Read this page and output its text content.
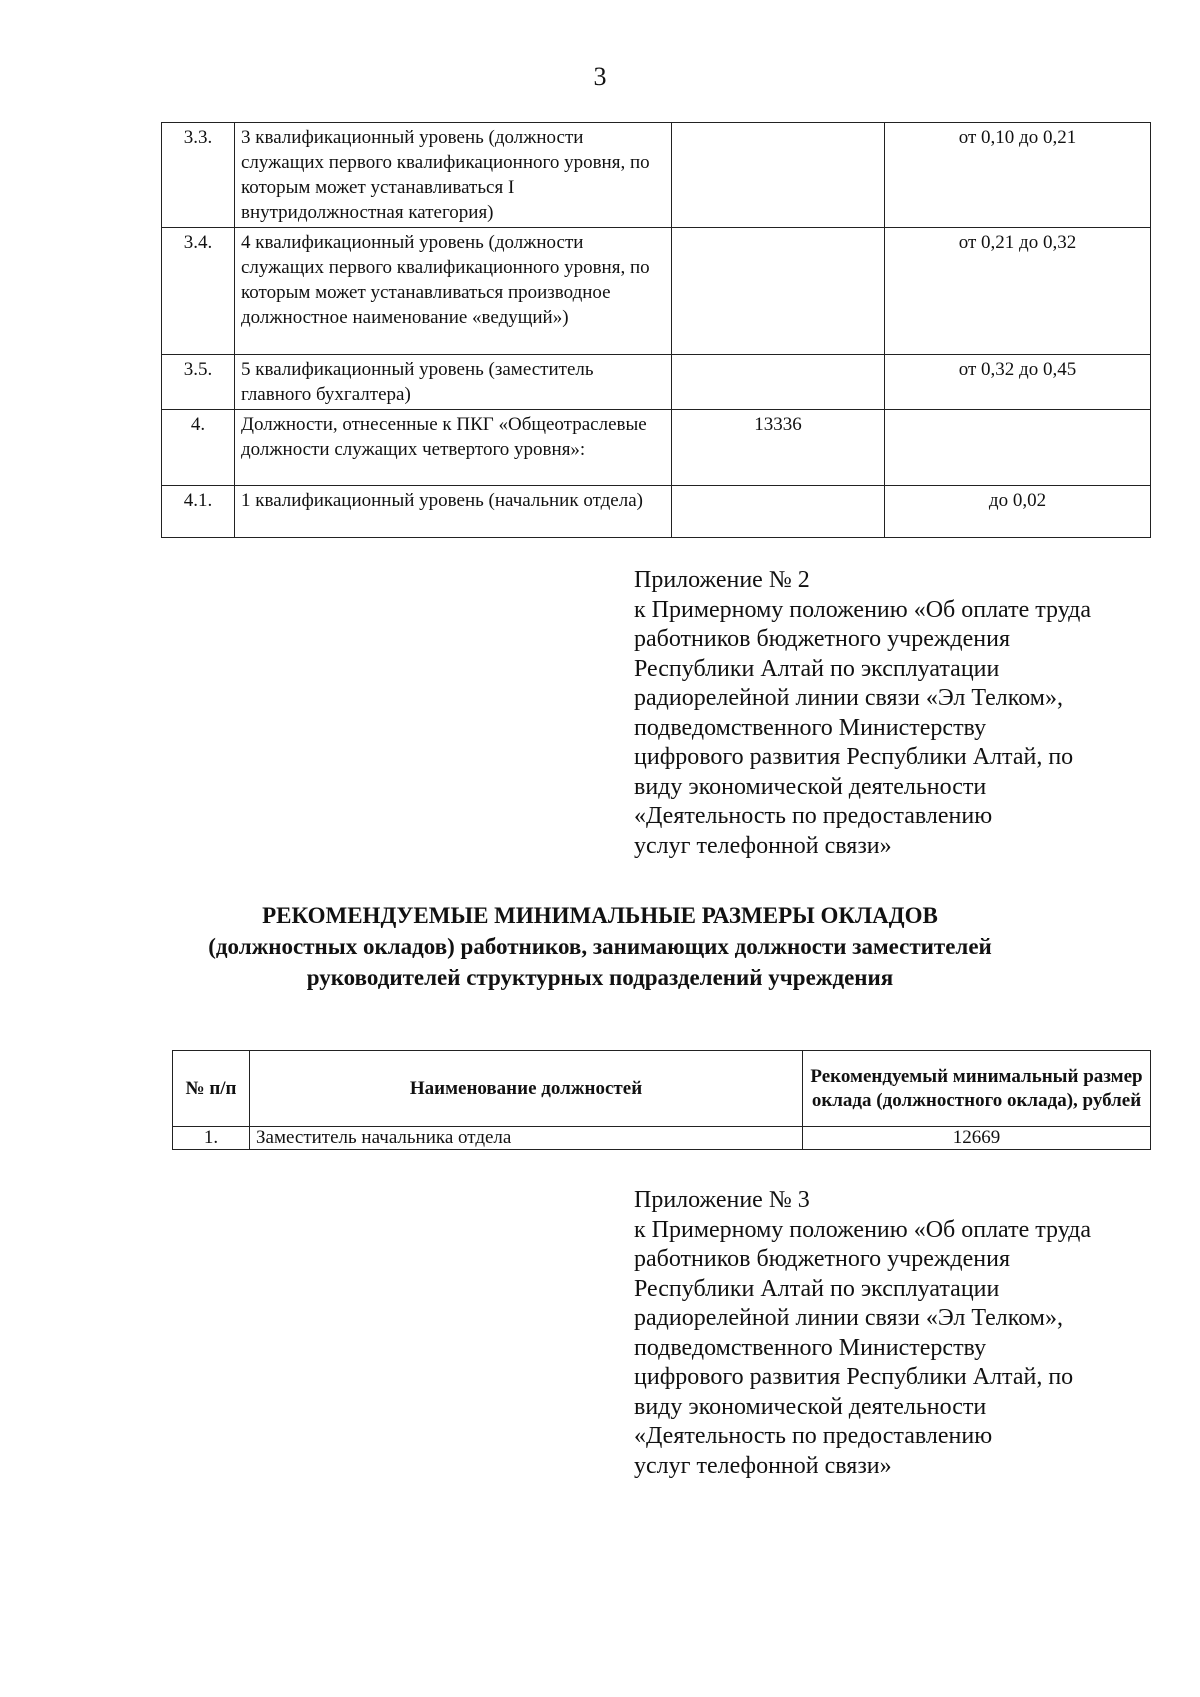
3
3.3.	3 квалификационный уровень (должности служащих первого квалификационного уровня, по которым может устанавливаться I внутридолжностная категория)		от 0,10 до 0,21
3.4.	4 квалификационный уровень (должности служащих первого квалификационного уровня, по которым может устанавливаться производное должностное наименование «ведущий»)		от 0,21 до 0,32
3.5.	5 квалификационный уровень (заместитель главного бухгалтера)		от 0,32 до 0,45
4.	Должности, отнесенные к ПКГ «Общеотраслевые должности служащих четвертого уровня»:	13336	
4.1.	1 квалификационный уровень (начальник отдела)		до 0,02
Приложение № 2
к Примерному положению «Об оплате труда
работников бюджетного учреждения
Республики Алтай по эксплуатации
радиорелейной линии связи «Эл Телком»,
подведомственного Министерству
цифрового развития Республики Алтай, по
виду экономической деятельности
«Деятельность по предоставлению
услуг телефонной связи»
РЕКОМЕНДУЕМЫЕ МИНИМАЛЬНЫЕ РАЗМЕРЫ ОКЛАДОВ
(должностных окладов) работников, занимающих должности заместителей
руководителей структурных подразделений учреждения
№ п/п	Наименование должностей	Рекомендуемый минимальный размер оклада (должностного оклада), рублей
1.	Заместитель начальника отдела	12669
Приложение № 3
к Примерному положению «Об оплате труда
работников бюджетного учреждения
Республики Алтай по эксплуатации
радиорелейной линии связи «Эл Телком»,
подведомственного Министерству
цифрового развития Республики Алтай, по
виду экономической деятельности
«Деятельность по предоставлению
услуг телефонной связи»
